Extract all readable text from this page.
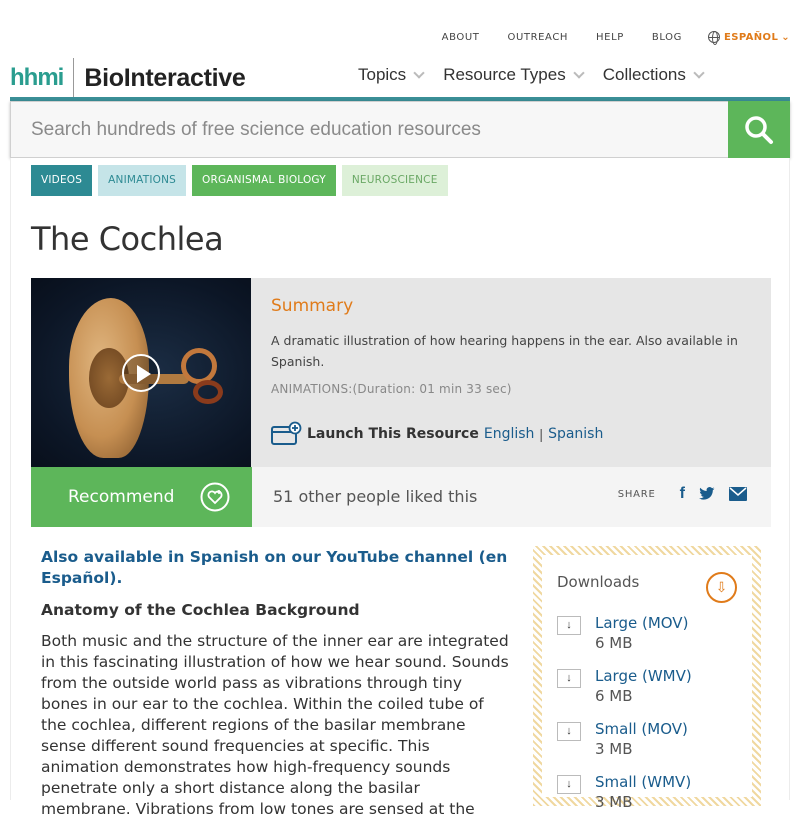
ABOUT	OUTREACH	HELP	BLOG	ESPAÑOL ⌄
hhmi BioInteractive	Topics Resource Types Collections
Search hundreds of free science education resources
VIDEOS	ANIMATIONS	ORGANISMAL BIOLOGY	NEUROSCIENCE
The Cochlea
Summary
A dramatic illustration of how hearing happens in the ear. Also available in Spanish.
ANIMATIONS:(Duration: 01 min 33 sec)
Launch This Resource English | Spanish
Recommend	51 other people liked this	SHARE f
Also available in Spanish on our YouTube channel (en Español).
Anatomy of the Cochlea Background

Both music and the structure of the inner ear are integrated in this fascinating illustration of how we hear sound. Sounds from the outside world pass as vibrations through tiny bones in our ear to the cochlea. Within the coiled tube of the cochlea, different regions of the basilar membrane sense different sound frequencies at specific. This animation demonstrates how high-frequency sounds penetrate only a short distance along the basilar membrane. Vibrations from low tones are sensed at the

Downloads	⇩
↓	Large (MOV)
6 MB
↓	Large (WMV)
6 MB
↓	Small (MOV)
3 MB
↓	Small (WMV)
3 MB
